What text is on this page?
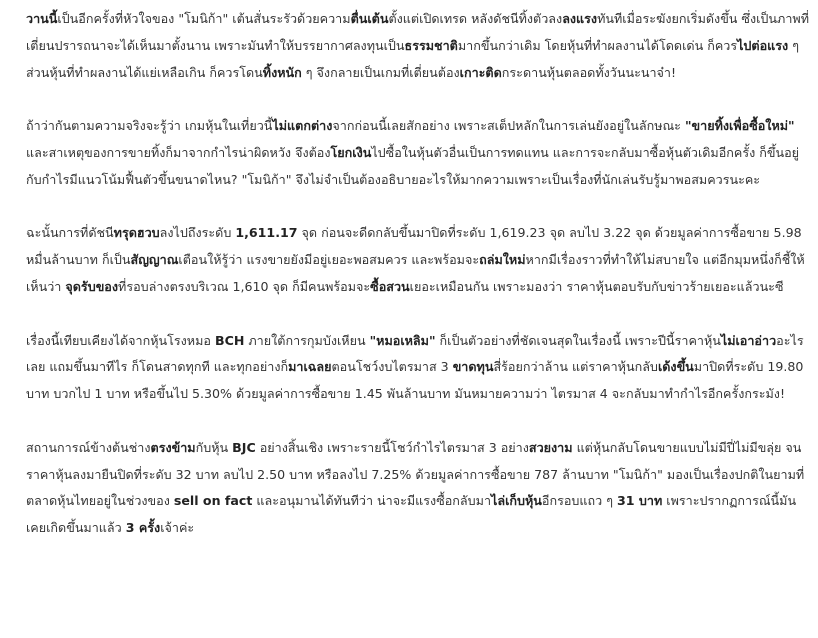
วานนี้เป็นอีกครั้งที่หัวใจของ "โมนิก้า" เต้นสั่นระรัวด้วยความตื่นเต้นตั้งแต่เปิดเทรด หลังดัชนีทิ้งตัวลงลงแรงทันทีเมื่อระฆังยกเริ่มดังขึ้น ซึ่งเป็นภาพที่เตี่ยนปรารถนาจะได้เห็นมาตั้งนาน เพราะมันทำให้บรรยากาศลงทุนเป็นธรรมชาติมากขึ้นกว่าเดิม โดยหุ้นที่ทำผลงานได้โดดเด่น ก็ควรไปต่อแรง ๆ ส่วนหุ้นที่ทำผลงานได้แย่เหลือเกิน ก็ควรโดนทิ้งหนัก ๆ จึงกลายเป็นเกมที่เตี่ยนต้องเกาะติดกระดานหุ้นตลอดทั้งวันนะนาจ๋า!

ถ้าว่ากันตามความจริงจะรู้ว่า เกมหุ้นในเที่ยวนี้ไม่แตกต่างจากก่อนนี้เลยสักอย่าง เพราะสเต็ปหลักในการเล่นยังอยู่ในลักษณะ "ขายทิ้งเพื่อซื้อใหม่" และสาเหตุของการขายทิ้งก็มาจากกำไรน่าผิดหวัง จึงต้องโยกเงินไปซื้อในหุ้นตัวอื่นเป็นการทดแทน และการจะกลับมาซื้อหุ้นตัวเดิมอีกครั้ง ก็ขึ้นอยู่กับกำไรมีแนวโน้มฟื้นตัวขึ้นขนาดไหน? "โมนิก้า" จึงไม่จำเป็นต้องอธิบายอะไรให้มากความเพราะเป็นเรื่องที่นักเล่นรับรู้มาพอสมควรนะคะ

ฉะนั้นการที่ดัชนีทรุดฮวบลงไปถึงระดับ 1,611.17 จุด ก่อนจะดีดกลับขึ้นมาปิดที่ระดับ 1,619.23 จุด ลบไป 3.22 จุด ด้วยมูลค่าการซื้อขาย 5.98 หมื่นล้านบาท ก็เป็นสัญญาณเตือนให้รู้ว่า แรงขายยังมีอยู่เยอะพอสมควร และพร้อมจะถล่มใหม่หากมีเรื่องราวที่ทำให้ไม่สบายใจ แต่อีกมุมหนึ่งก็ชี้ให้เห็นว่า จุดรับของที่รอบล่างตรงบริเวณ 1,610 จุด ก็มีคนพร้อมจะซื้อสวนเยอะเหมือนกัน เพราะมองว่า ราคาหุ้นตอบรับกับข่าวร้ายเยอะแล้วนะซี

เรื่องนี้เทียบเคียงได้จากหุ้นโรงหมอ BCH ภายใต้การกุมบังเหียน "หมอเหลิม" ก็เป็นตัวอย่างที่ชัดเจนสุดในเรื่องนี้ เพราะปีนี้ราคาหุ้นไม่เอาอ่าวอะไรเลย แถมขึ้นมาทีไร ก็โดนสาดทุกที และทุกอย่างก็มาเฉลยตอนโชว์งบไตรมาส 3 ขาดทุนสี่ร้อยกว่าล้าน แต่ราคาหุ้นกลับเด้งขึ้นมาปิดที่ระดับ 19.80 บาท บวกไป 1 บาท หรือขึ้นไป 5.30% ด้วยมูลค่าการซื้อขาย 1.45 พันล้านบาท มันหมายความว่า ไตรมาส 4 จะกลับมาทำกำไรอีกครั้งกระมัง!

สถานการณ์ข้างต้นช่างตรงข้ามกับหุ้น BJC อย่างสิ้นเชิง เพราะรายนี้โชว์กำไรไตรมาส 3 อย่างสวยงาม แต่หุ้นกลับโดนขายแบบไม่มีปี่ไม่มีขลุ่ย จนราคาหุ้นลงมายืนปิดที่ระดับ 32 บาท ลบไป 2.50 บาท หรือลงไป 7.25% ด้วยมูลค่าการซื้อขาย 787 ล้านบาท "โมนิก้า" มองเป็นเรื่องปกติในยามที่ตลาดหุ้นไทยอยู่ในช่วงของ sell on fact และอนุมานได้ทันทีว่า น่าจะมีแรงซื้อกลับมาไล่เก็บหุ้นอีกรอบแถว ๆ 31 บาท เพราะปรากฏการณ์นี้มันเคยเกิดขึ้นมาแล้ว 3 ครั้งเจ้าค่ะ
